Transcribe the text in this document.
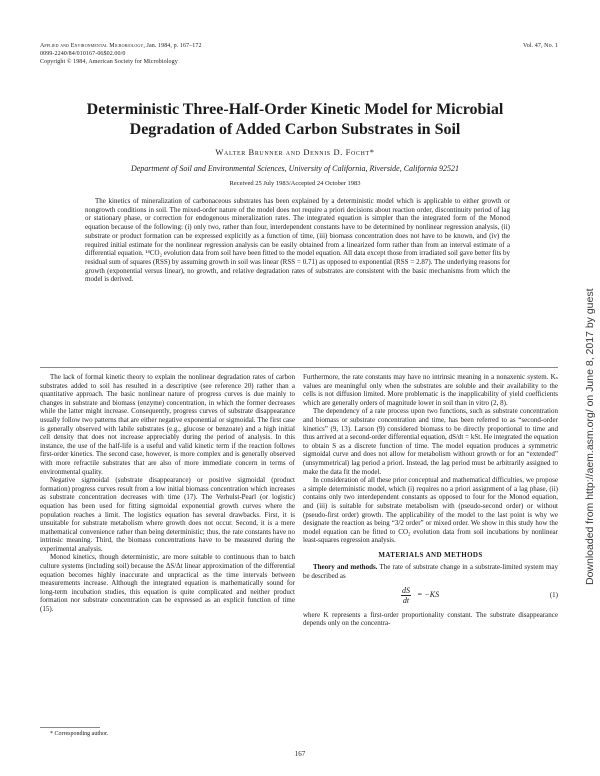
Applied and Environmental Microbiology, Jan. 1984, p. 167–172
0099-2240/84/010167-06$02.00/0
Copyright © 1984, American Society for Microbiology
Vol. 47, No. 1
Deterministic Three-Half-Order Kinetic Model for Microbial Degradation of Added Carbon Substrates in Soil
Walter Brunner and Dennis D. Focht*
Department of Soil and Environmental Sciences, University of California, Riverside, California 92521
Received 25 July 1983/Accepted 24 October 1983
The kinetics of mineralization of carbonaceous substrates has been explained by a deterministic model which is applicable to either growth or nongrowth conditions in soil. The mixed-order nature of the model does not require a priori decisions about reaction order, discontinuity period of lag or stationary phase, or correction for endogenous mineralization rates. The integrated equation is simpler than the integrated form of the Monod equation because of the following: (i) only two, rather than four, interdependent constants have to be determined by nonlinear regression analysis, (ii) substrate or product formation can be expressed explicitly as a function of time, (iii) biomass concentration does not have to be known, and (iv) the required initial estimate for the nonlinear regression analysis can be easily obtained from a linearized form rather than from an interval estimate of a differential equation. ¹⁴CO₂ evolution data from soil have been fitted to the model equation. All data except those from irradiated soil gave better fits by residual sum of squares (RSS) by assuming growth in soil was linear (RSS = 0.71) as opposed to exponential (RSS = 2.87). The underlying reasons for growth (exponential versus linear), no growth, and relative degradation rates of substrates are consistent with the basic mechanisms from which the model is derived.

The lack of formal kinetic theory to explain the nonlinear degradation rates of carbon substrates added to soil has resulted in a descriptive (see reference 20) rather than a quantitative approach. The basic nonlinear nature of progress curves is due mainly to changes in substrate and biomass (enzyme) concentration, in which the former decreases while the latter might increase. Consequently, progress curves of substrate disappearance usually follow two patterns that are either negative exponential or sigmoidal. The first case is generally observed with labile substrates (e.g., glucose or benzoate) and a high initial cell density that does not increase appreciably during the period of analysis. In this instance, the use of the half-life is a useful and valid kinetic term if the reaction follows first-order kinetics. The second case, however, is more complex and is generally observed with more refractile substrates that are also of more immediate concern in terms of environmental quality.

Negative sigmoidal (substrate disappearance) or positive sigmoidal (product formation) progress curves result from a low initial biomass concentration which increases as substrate concentration decreases with time (17). The Verhulst-Pearl (or logistic) equation has been used for fitting sigmoidal exponential growth curves where the population reaches a limit. The logistics equation has several drawbacks. First, it is unsuitable for substrate metabolism where growth does not occur. Second, it is a mere mathematical convenience rather than being deterministic; thus, the rate constants have no intrinsic meaning. Third, the biomass concentrations have to be measured during the experimental analysis.

Monod kinetics, though deterministic, are more suitable to continuous than to batch culture systems (including soil) because the ΔS/Δt linear approximation of the differential equation becomes highly inaccurate and unpractical as the time intervals between measurements increase. Although the integrated equation is mathematically sound for long-term incubation studies, this equation is quite complicated and neither product formation nor substrate concentration can be expressed as an explicit function of time (15).

Furthermore, the rate constants may have no intrinsic meaning in a nonaxenic system. Kₛ values are meaningful only when the substrates are soluble and their availability to the cells is not diffusion limited. More problematic is the inapplicability of yield coefficients which are generally orders of magnitude lower in soil than in vitro (2, 8).

The dependency of a rate process upon two functions, such as substrate concentration and biomass or substrate concentration and time, has been referred to as “second-order kinetics” (9, 13). Larson (9) considered biomass to be directly proportional to time and thus arrived at a second-order differential equation, dS/dt = kSt. He integrated the equation to obtain S as a discrete function of time. The model equation produces a symmetric sigmoidal curve and does not allow for metabolism without growth or for an “extended” (unsymmetrical) lag period a priori. Instead, the lag period must be arbitrarily assigned to make the data fit the model.

In consideration of all these prior conceptual and mathematical difficulties, we propose a simple deterministic model, which (i) requires no a priori assignment of a lag phase, (ii) contains only two interdependent constants as opposed to four for the Monod equation, and (iii) is suitable for substrate metabolism with (pseudo-second order) or without (pseudo-first order) growth. The applicability of the model to the last point is why we designate the reaction as being “3/2 order” or mixed order. We show in this study how the model equation can be fitted to CO₂ evolution data from soil incubations by nonlinear least-squares regression analysis.

MATERIALS AND METHODS

Theory and methods. The rate of substrate change in a substrate-limited system may be described as

$\frac{dS}{dt} = -KS$	(1)

where K represents a first-order proportionality constant. The substrate disappearance depends only on the concentra-

* Corresponding author.
167
Downloaded from http://aem.asm.org/ on June 8, 2017 by guest
